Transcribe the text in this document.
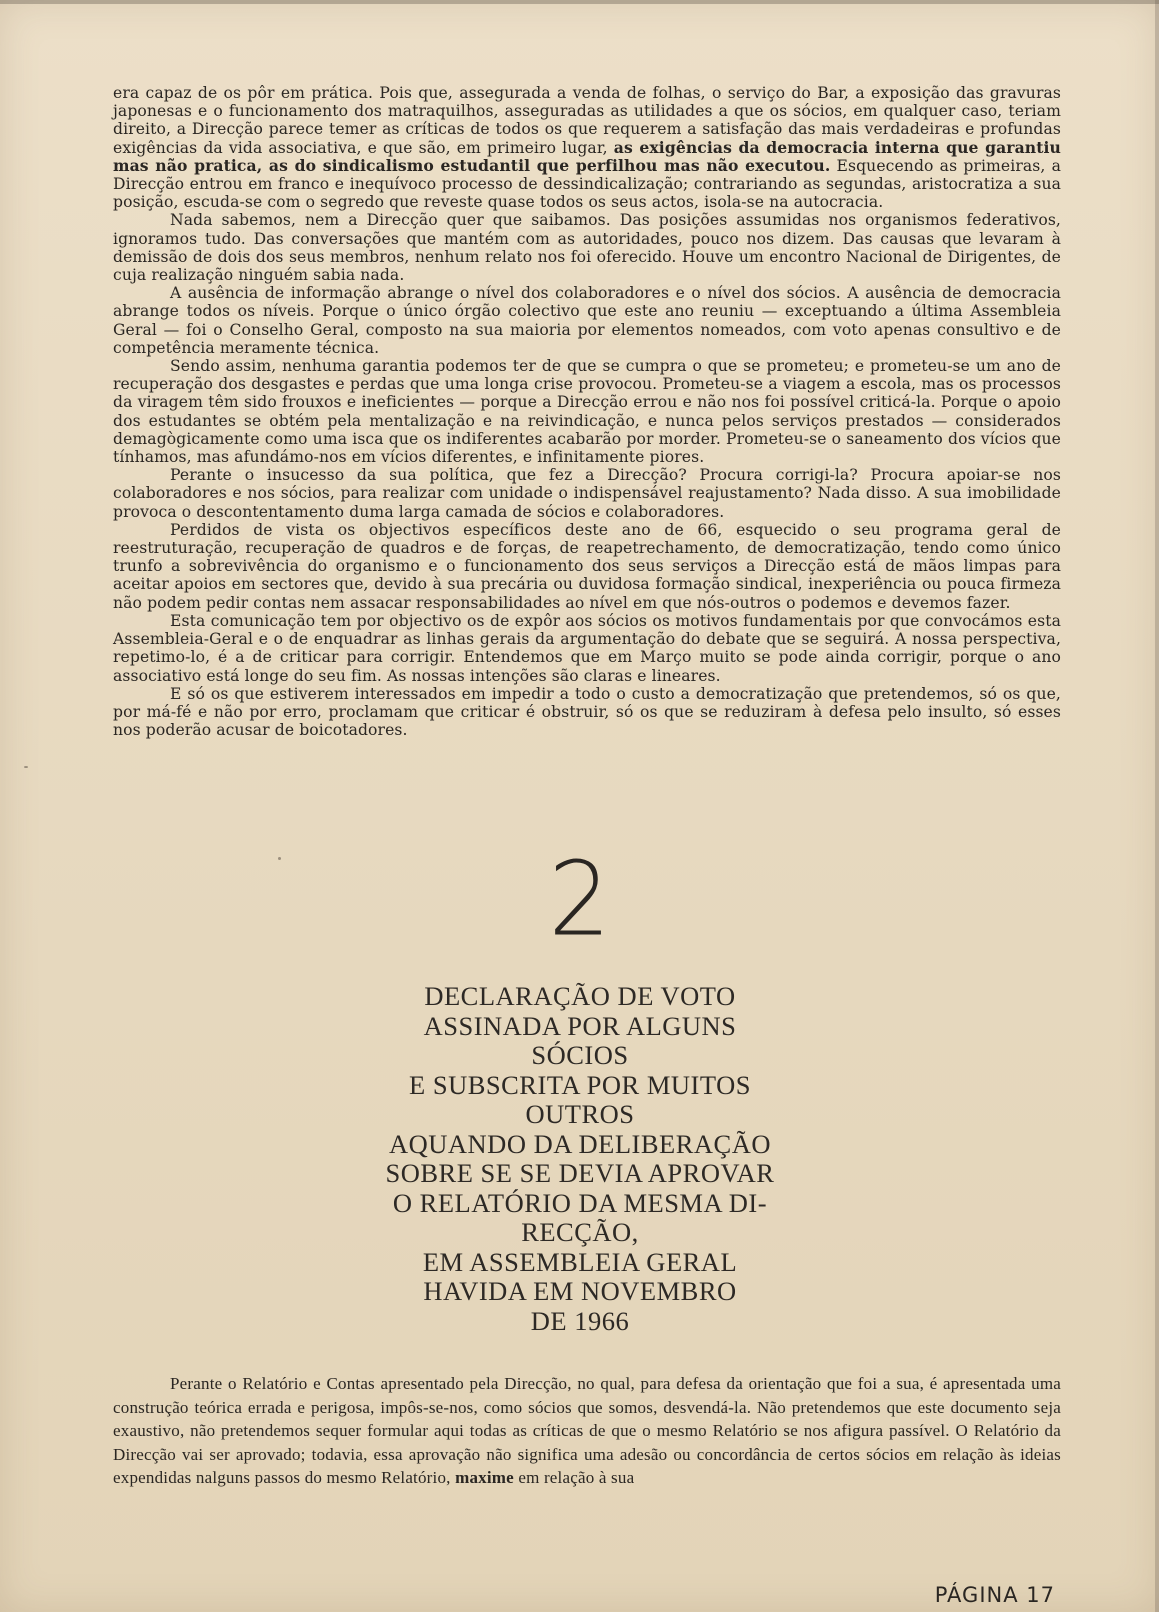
era capaz de os pôr em prática. Pois que, assegurada a venda de folhas, o serviço do Bar, a exposição das gravuras japonesas e o funcionamento dos matraquilhos, asseguradas as utilidades a que os sócios, em qualquer caso, teriam direito, a Direcção parece temer as críticas de todos os que requerem a satisfação das mais verdadeiras e profundas exigências da vida associativa, e que são, em primeiro lugar, as exigências da democracia interna que garantiu mas não pratica, as do sindicalismo estudantil que perfilhou mas não executou. Esquecendo as primeiras, a Direcção entrou em franco e inequívoco processo de dessindicalização; contrariando as segundas, aristocratiza a sua posição, escuda-se com o segredo que reveste quase todos os seus actos, isola-se na autocracia.

Nada sabemos, nem a Direcção quer que saibamos. Das posições assumidas nos organismos federativos, ignoramos tudo. Das conversações que mantém com as autoridades, pouco nos dizem. Das causas que levaram à demissão de dois dos seus membros, nenhum relato nos foi oferecido. Houve um encontro Nacional de Dirigentes, de cuja realização ninguém sabia nada.

A ausência de informação abrange o nível dos colaboradores e o nível dos sócios. A ausência de democracia abrange todos os níveis. Porque o único órgão colectivo que este ano reuniu — exceptuando a última Assembleia Geral — foi o Conselho Geral, composto na sua maioria por elementos nomeados, com voto apenas consultivo e de competência meramente técnica.

Sendo assim, nenhuma garantia podemos ter de que se cumpra o que se prometeu; e prometeu-se um ano de recuperação dos desgastes e perdas que uma longa crise provocou. Prometeu-se a viagem a escola, mas os processos da viragem têm sido frouxos e ineficientes — porque a Direcção errou e não nos foi possível criticá-la. Porque o apoio dos estudantes se obtém pela mentalização e na reivindicação, e nunca pelos serviços prestados — considerados demagògicamente como uma isca que os indiferentes acabarão por morder. Prometeu-se o saneamento dos vícios que tínhamos, mas afundámo-nos em vícios diferentes, e infinitamente piores.

Perante o insucesso da sua política, que fez a Direcção? Procura corrigi-la? Procura apoiar-se nos colaboradores e nos sócios, para realizar com unidade o indispensável reajustamento? Nada disso. A sua imobilidade provoca o descontentamento duma larga camada de sócios e colaboradores.

Perdidos de vista os objectivos específicos deste ano de 66, esquecido o seu programa geral de reestruturação, recuperação de quadros e de forças, de reapetrechamento, de democratização, tendo como único trunfo a sobrevivência do organismo e o funcionamento dos seus serviços a Direcção está de mãos limpas para aceitar apoios em sectores que, devido à sua precária ou duvidosa formação sindical, inexperiência ou pouca firmeza não podem pedir contas nem assacar responsabilidades ao nível em que nós-outros o podemos e devemos fazer.

Esta comunicação tem por objectivo os de expôr aos sócios os motivos fundamentais por que convocámos esta Assembleia-Geral e o de enquadrar as linhas gerais da argumentação do debate que se seguirá. A nossa perspectiva, repetimo-lo, é a de criticar para corrigir. Entendemos que em Março muito se pode ainda corrigir, porque o ano associativo está longe do seu fim. As nossas intenções são claras e lineares.

E só os que estiverem interessados em impedir a todo o custo a democratização que pretendemos, só os que, por má-fé e não por erro, proclamam que criticar é obstruir, só os que se reduziram à defesa pelo insulto, só esses nos poderão acusar de boicotadores.

2
DECLARAÇÃO DE VOTO
ASSINADA POR ALGUNS
SÓCIOS
E SUBSCRITA POR MUITOS
OUTROS
AQUANDO DA DELIBERAÇÃO
SOBRE SE SE DEVIA APROVAR
O RELATÓRIO DA MESMA DI-
RECÇÃO,
EM ASSEMBLEIA GERAL
HAVIDA EM NOVEMBRO
DE 1966

Perante o Relatório e Contas apresentado pela Direcção, no qual, para defesa da orientação que foi a sua, é apresentada uma construção teórica errada e perigosa, impôs-se-nos, como sócios que somos, desvendá-la. Não pretendemos que este documento seja exaustivo, não pretendemos sequer formular aqui todas as críticas de que o mesmo Relatório se nos afigura passível. O Relatório da Direcção vai ser aprovado; todavia, essa aprovação não significa uma adesão ou concordância de certos sócios em relação às ideias expendidas nalguns passos do mesmo Relatório, maxime em relação à sua

PÁGINA 17
